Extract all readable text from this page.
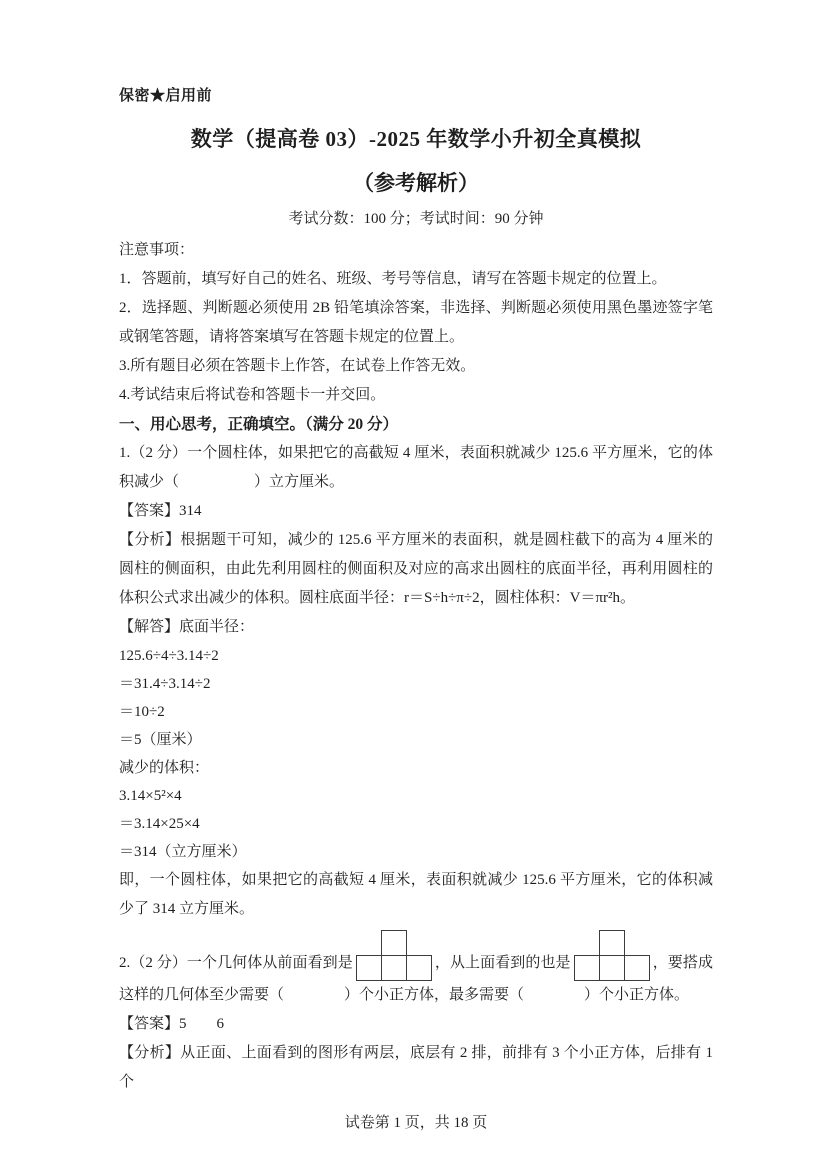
保密★启用前
数学（提高卷 03）-2025 年数学小升初全真模拟
（参考解析）
考试分数：100 分；考试时间：90 分钟
注意事项：
1．答题前，填写好自己的姓名、班级、考号等信息，请写在答题卡规定的位置上。
2．选择题、判断题必须使用 2B 铅笔填涂答案，非选择、判断题必须使用黑色墨迹签字笔或钢笔答题，请将答案填写在答题卡规定的位置上。
3.所有题目必须在答题卡上作答，在试卷上作答无效。
4.考试结束后将试卷和答题卡一并交回。
一、用心思考，正确填空。（满分 20 分）
1.（2 分）一个圆柱体，如果把它的高截短 4 厘米，表面积就减少 125.6 平方厘米，它的体积减少（　　　　　）立方厘米。
【答案】314
【分析】根据题干可知，减少的 125.6 平方厘米的表面积，就是圆柱截下的高为 4 厘米的圆柱的侧面积，由此先利用圆柱的侧面积及对应的高求出圆柱的底面半径，再利用圆柱的体积公式求出减少的体积。圆柱底面半径：r＝S÷h÷π÷2，圆柱体积：V＝πr²h。
【解答】底面半径：
125.6÷4÷3.14÷2
＝31.4÷3.14÷2
＝10÷2
＝5（厘米）
减少的体积：
3.14×5²×4
＝3.14×25×4
＝314（立方厘米）
即，一个圆柱体，如果把它的高截短 4 厘米，表面积就减少 125.6 平方厘米，它的体积减少了 314 立方厘米。
2.（2 分）一个几何体从前面看到是	，从上面看到的也是	，要搭成这样的几何体至少需要（　　　　）个小正方体，最多需要（　　　　）个小正方体。
【答案】5　　6
【分析】从正面、上面看到的图形有两层，底层有 2 排，前排有 3 个小正方体，后排有 1 个
试卷第 1 页，共 18 页
